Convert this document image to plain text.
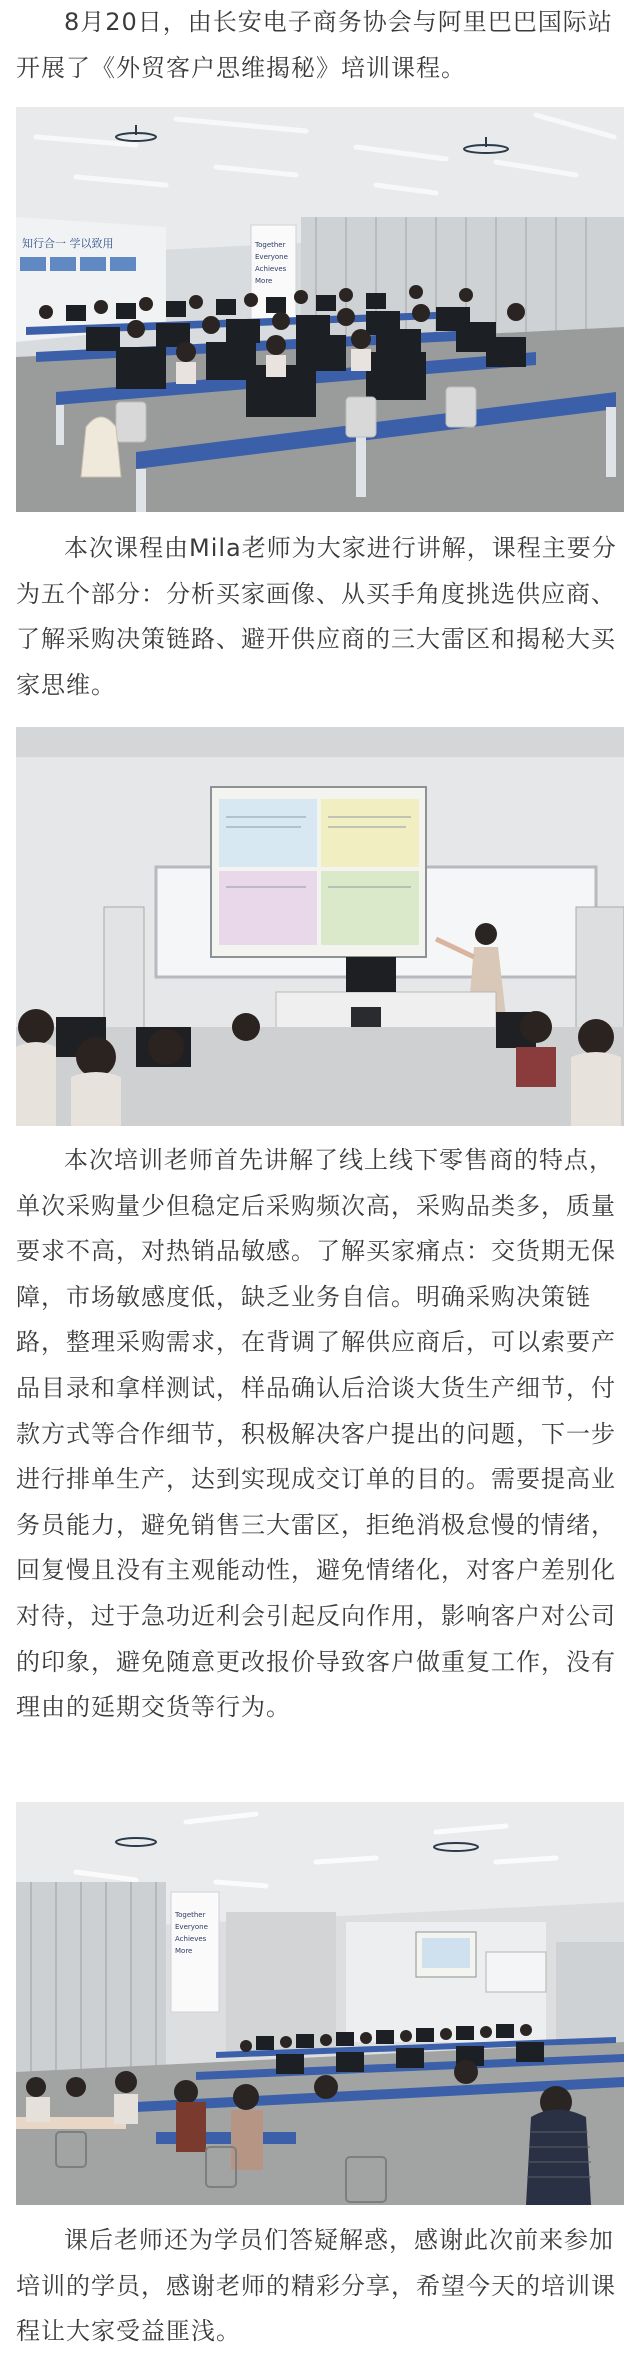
8月20日，由长安电子商务协会与阿里巴巴国际站开展了《外贸客户思维揭秘》培训课程。

知行合一 学以致用	Together
Everyone
Achieves
More

本次课程由Mila老师为大家进行讲解，课程主要分为五个部分：分析买家画像、从买手角度挑选供应商、了解采购决策链路、避开供应商的三大雷区和揭秘大买家思维。

本次培训老师首先讲解了线上线下零售商的特点，单次采购量少但稳定后采购频次高，采购品类多，质量要求不高，对热销品敏感。了解买家痛点：交货期无保障，市场敏感度低，缺乏业务自信。明确采购决策链路，整理采购需求，在背调了解供应商后，可以索要产品目录和拿样测试，样品确认后洽谈大货生产细节，付款方式等合作细节，积极解决客户提出的问题，下一步进行排单生产，达到实现成交订单的目的。需要提高业务员能力，避免销售三大雷区，拒绝消极怠慢的情绪，回复慢且没有主观能动性，避免情绪化，对客户差别化对待，过于急功近利会引起反向作用，影响客户对公司的印象，避免随意更改报价导致客户做重复工作，没有理由的延期交货等行为。

Together
Everyone
Achieves
More

课后老师还为学员们答疑解惑，感谢此次前来参加培训的学员，感谢老师的精彩分享，希望今天的培训课程让大家受益匪浅。
